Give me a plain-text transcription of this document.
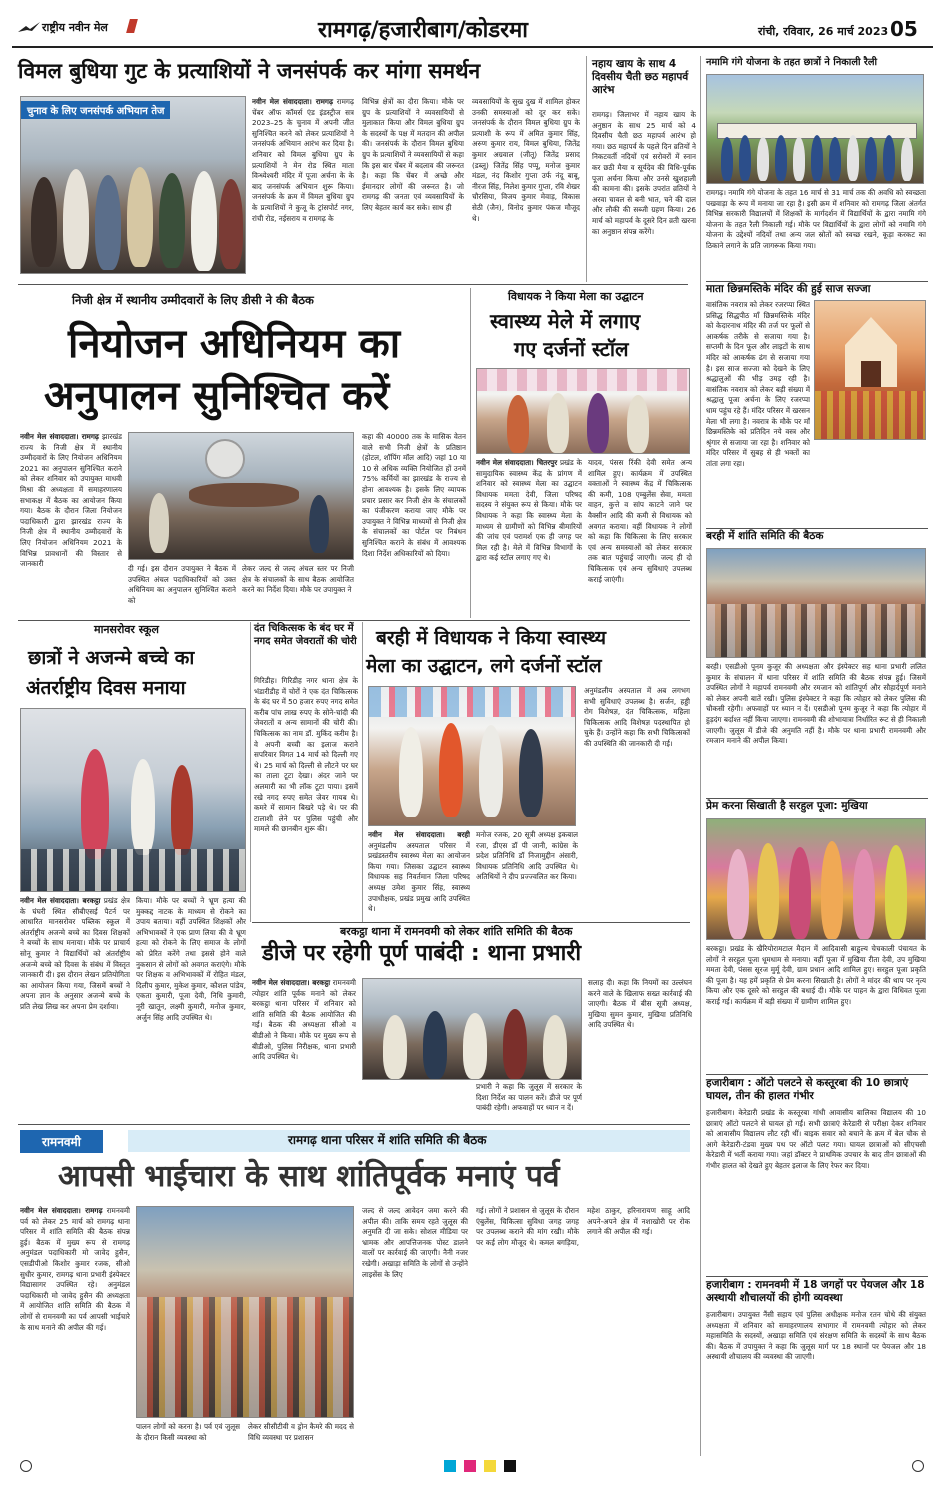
राष्ट्रीय नवीन मेल	रामगढ़/हजारीबाग/कोडरमा	रांची, रविवार, 26 मार्च 2023 05
विमल बुधिया गुट के प्रत्याशियों ने जनसंपर्क कर मांगा समर्थन
चुनाव के लिए जनसंपर्क अभियान तेज
नवीन मेल संवाददाता। रामगढ़ रामगढ़ चेंबर ऑफ कॉमर्स एंड इंडस्ट्रीज सत्र 2023–25 के चुनाव में अपनी जीत सुनिश्चित करने को लेकर प्रत्याशियों ने जनसंपर्क अभियान आरंभ कर दिया है। शनिवार को विमल बुधिया ग्रुप के प्रत्याशियों ने मेन रोड स्थित माता विन्ध्‍येश्वरी मंदिर में पूजा अर्चना के के बाद जनसंपर्क अभियान शुरू किया। जनसंपर्क के क्रम में विमल बुधिया ग्रुप के प्रत्याशियों ने कुजू के ट्रांसपोर्ट नगर, रांची रोड, नईसराय व रामगढ़ के
विभिन्न क्षेत्रों का दौरा किया। मौके पर ग्रुप के प्रत्याशियों ने व्यवसायियों से मुलाकात किया और विमल बुधिया ग्रुप के सदस्यों के पक्ष में मतदान की अपील की। जनसंपर्क के दौरान विमल बुधिया ग्रुप के प्रत्याशियों ने व्यवसायियों से कहा कि इस बार चेंबर में बदलाव की जरूरत है। कहा कि चेंबर में अच्छे और ईमानदार लोगों की जरूरत है। जो रामगढ़ की जनता एवं व्यवसायियों के लिए बेहतर कार्य कर सके। साथ ही
व्यवसायियों के सुख दुख में शामिल होकर उनकी समस्याओं को दूर कर सके। जनसंपर्क के दौरान विमल बुधिया ग्रुप के प्रत्याशी के रूप में अमित कुमार सिंह, अरुण कुमार राय, विमल बुधिया, जितेंद्र कुमार अग्रवाल (जीतू) जितेंद्र प्रसाद (डब्लू) जितेंद्र सिंह पप्पू, मनोज कुमार मंडल, नंद किशोर गुप्ता उर्फ नंदू बाबू, नीरज सिंह, निलेश कुमार गुप्ता, रवि शेखर चौरसिया, विजय कुमार मेवाड़, विकास सेठी (जैन), विनोद कुमार पंकज मौजूद थे।
नहाय खाय के साथ 4 दिवसीय चैती छठ महापर्व आरंभ
रामगढ़। जिलाभर में नहाय खाय के अनुष्ठान के साथ 25 मार्च को 4 दिवसीय चैती छठ महापर्व आरंभ हो गया। छठ महापर्व के पहले दिन व्रतियों ने निकटवर्ती नदियों एवं सरोवरों में स्नान कर छठी मैया व सूर्यदेव की विधि-पूर्वक पूजा अर्चना किया और उनसे खुशहाली की कामना की। इसके उपरांत व्रतियों ने अरवा चावल से बनी भात, चने की दाल और लौकी की सब्जी ग्रहण किया। 26 मार्च को महापर्व के दूसरे दिन व्रती खरना का अनुष्ठान संपन्न करेंगे।
नमामि गंगे योजना के तहत छात्रों ने निकाली रैली
रामगढ़। नमामि गंगे योजना के तहत 16 मार्च से 31 मार्च तक की अवधि को स्वच्छता पखवाड़ा के रूप में मनाया जा रहा है। इसी क्रम में शनिवार को रामगढ़ जिला अंतर्गत विभिन्न सरकारी विद्यालयों में शिक्षकों के मार्गदर्शन में विद्यार्थियों के द्वारा नमामि गंगे योजना के तहत रैली निकाली गई। मौके पर विद्यार्थियों के द्वारा लोगों को नमामि गंगे योजना के उद्देश्यों नदियों तथा अन्य जल स्रोतों को स्वच्छ रखने, कूड़ा करकट का ठिकाने लगाने के प्रति जागरूक किया गया।
माता छिन्नमस्तिके मंदिर की हुई साज सज्जा
वासंतिक नवरात्र को लेकर रजरप्पा स्थित प्रसिद्ध सिद्धपीठ माँ छिन्नमस्तिके मंदिर को केदारनाथ मंदिर की तर्ज पर फूलों से आकर्षक तरीके से सजाया गया है। सप्तमी के दिन फूल और लाइटों के साथ मंदिर को आकर्षक ढंग से सजाया गया है। इस साज सज्जा को देखने के लिए श्रद्धालुओं की भीड़ उमड़ रही है। वासंतिक नवरात्र को लेकर बड़ी संख्या में श्रद्धालु पूजा अर्चना के लिए रजरप्पा धाम पहुंच रहे हैं। मंदिर परिसर में खरसन मेला भी लगा है। नवरात्र के मौके पर माँ छिन्नमस्तिके को प्रतिदिन नये वस्त्र और श्रृंगार से सजाया जा रहा है। शनिवार को मंदिर परिसर में सुबह से ही भक्तों का तांता लगा रहा।
बरही में शांति समिति की बैठक
बरही। एसडीओ पूनम कुजूर की अध्यक्षता और इंस्पेक्टर सह थाना प्रभारी ललित कुमार के संचालन में थाना परिसर में शांति समिति की बैठक संपन्न हुई। जिसमें उपस्थित लोगों ने महापर्व रामनवमी और रमजान को शांतिपूर्ण और सौहार्दपूर्ण मनाने को लेकर अपनी बातें रखी। पुलिस इंस्पेक्टर ने कहा कि त्योहार को लेकर पुलिस की चौकसी रहेगी। अफवाहों पर ध्यान न दें। एसडीओ पूनम कुजूर ने कहा कि त्योहार में हुड़दंग बर्दाश्त नहीं किया जाएगा। रामनवमी की शोभायात्रा निर्धारित रूट से ही निकाली जाएगी। जुलूस में डीजे की अनुमति नहीं है। मौके पर थाना प्रभारी रामनवमी और रमजान मनाने की अपील किया।
प्रेम करना सिखाती है सरहुल पूजा: मुखिया
बरकट्ठा। प्रखंड के खैरियोरामटाल मैदान में आदिवासी बाहुल्य चेचकाली पंचायत के लोगों ने सरहुल पूजा धूमधाम से मनाया। वहीं पूजा में मुखिया रीता देवी, उप मुखिया ममता देवी, पंसस सूरज मुर्मू देवी, ग्राम प्रधान आदि शामिल हुए। सरहुल पूजा प्रकृति की पूजा है। यह हमें प्रकृति से प्रेम करना सिखाती है। लोगों ने मांदर की थाप पर नृत्य किया और एक दूसरे को सरहुल की बधाई दी। मौके पर पाहन के द्वारा विधिवत पूजा कराई गई। कार्यक्रम में बड़ी संख्या में ग्रामीण शामिल हुए।
हजारीबाग : ऑटो पलटने से कस्तूरबा की 10 छात्राएं घायल, तीन की हालत गंभीर
हजारीबाग। केरेडारी प्रखंड के कस्तूरबा गांधी आवासीय बालिका विद्यालय की 10 छात्राएं ऑटो पलटने से घायल हो गईं। सभी छात्राएं केरेडारी से परीक्षा देकर शनिवार को आवासीय विद्यालय लौट रही थीं। बाइक सवार को बचाने के क्रम में बेल चौक से आगे केरेडारी-टंडवा मुख्य पथ पर ऑटो पलट गया। घायल छात्राओं को सीएचसी केरेडारी में भर्ती कराया गया। जहां डॉक्टर ने प्राथमिक उपचार के बाद तीन छात्राओं की गंभीर हालत को देखते हुए बेहतर इलाज के लिए रेफर कर दिया।
हजारीबाग : रामनवमी में 18 जगहों पर पेयजल और 18 अस्थायी शौचालयों की होगी व्यवस्था
हजारीबाग। उपायुक्त नैंसी सहाय एवं पुलिस अधीक्षक मनोज रतन चोथे की संयुक्त अध्यक्षता में शनिवार को समाहरणालय सभागार में रामनवमी त्योहार को लेकर महासमिति के सदस्यों, अखाड़ा समिति एवं संरक्षण समिति के सदस्यों के साथ बैठक की। बैठक में उपायुक्त ने कहा कि जुलूस मार्ग पर 18 स्थानों पर पेयजल और 18 अस्थायी शौचालय की व्यवस्था की जाएगी।
निजी क्षेत्र में स्थानीय उम्मीदवारों के लिए डीसी ने की बैठक
नियोजन अधिनियम का
अनुपालन सुनिश्चित करें
नवीन मेल संवाददाता। रामगढ़ झारखंड राज्य के निजी क्षेत्र में स्थानीय उम्मीदवारों के लिए नियोजन अधिनियम 2021 का अनुपालन सुनिश्चित कराने को लेकर शनिवार को उपायुक्त माधवी मिश्रा की अध्यक्षता में समाहरणालय सभाकक्ष में बैठक का आयोजन किया गया। बैठक के दौरान जिला नियोजन पदाधिकारी द्वारा झारखंड राज्य के निजी क्षेत्र में स्थानीय उम्मीदवारों के लिए नियोजन अधिनियम 2021 के विभिन्न प्रावधानों की विस्तार से जानकारी
दी गई। इस दौरान उपायुक्त ने बैठक में उपस्थित अंचल पदाधिकारियों को उक्त अधिनियम का अनुपालन सुनिश्चित कराने को
लेकर जल्द से जल्द अंचल स्तर पर निजी क्षेत्र के संचालकों के साथ बैठक आयोजित करने का निर्देश दिया। मौके पर उपायुक्त ने
कहा की 40000 तक के मासिक वेतन वाले सभी निजी क्षेत्रों के प्रतिष्ठान (होटल, शॉपिंग मॉल आदि) जहां 10 या 10 से अधिक व्यक्ति नियोजित हों उनमें 75% कर्मियों का झारखंड के राज्य से होना आवश्यक है। इसके लिए व्यापक प्रचार प्रसार कर निजी क्षेत्र के संचालकों का पंजीकरण कराया जाए मौके पर उपायुक्त ने विभिन्न माध्यमों से निजी क्षेत्र के संचालकों का पोर्टल पर निबंधन सुनिश्चित कराने के संबंध में आवश्यक दिशा निर्देश अधिकारियों को दिया।
विधायक ने किया मेला का उद्घाटन
स्वास्थ्य मेले में लगाए
गए दर्जनों स्टॉल
नवीन मेल संवाददाता। चितरपुर प्रखंड के सामुदायिक स्वास्थ्य केंद्र के प्रांगण में शनिवार को स्वास्थ्य मेला का उद्घाटन विधायक ममता देवी, जिला परिषद सदस्य ने संयुक्त रूप से किया। मौके पर विधायक ने कहा कि स्वास्थ्य मेला के माध्यम से ग्रामीणों को विभिन्न बीमारियों की जांच एवं परामर्श एक ही जगह पर मिल रही है। मेले में विभिन्न विभागों के द्वारा कई स्टॉल लगाए गए थे।
यादव, पंसस रिंकी देवी समेत अन्य शामिल हुए। कार्यक्रम में उपस्थित वक्ताओं ने स्वास्थ्य केंद्र में चिकित्सक की कमी, 108 एम्बुलेंस सेवा, ममता वाहन, कुत्ते व सांप काटने जाने पर वैक्सीन आदि की कमी से विधायक को अवगत कराया। वहीं विधायक ने लोगों को कहा कि चिकित्सा के लिए सरकार एवं अन्य समस्याओं को लेकर सरकार तक बात पहुंचाई जाएगी। जल्द ही दो चिकित्सक एवं अन्य सुविधाएं उपलब्ध कराई जाएंगी।
मानसरोवर स्कूल
छात्रों ने अजन्मे बच्चे का
अंतर्राष्ट्रीय दिवस मनाया
नवीन मेल संवाददाता। बरकट्ठा प्रखंड क्षेत्र के घंघरी स्थित सीबीएसई पैटर्न पर आधारित मानसरोवर पब्लिक स्कूल में अंतर्राष्ट्रीय अजन्मे बच्चे का दिवस शिक्षकों ने बच्चों के साथ मनाया। मौके पर प्राचार्य सोनू कुमार ने विद्यार्थियों को अंतर्राष्ट्रीय अजन्मे बच्चे को दिवस के संबंध में विस्तृत जानकारी दी। इस दौरान लेखन प्रतियोगिता का आयोजन किया गया, जिसमें बच्चों ने अपना ज्ञान के अनुसार अजन्मे बच्चे के प्रति लेख लिख कर अपना प्रेम दर्शाया।
किया। मौके पर बच्चों ने भ्रूण हत्या की मुक्कद्द नाटक के माध्यम से रोकने का उपाय बताया। वहीं उपस्थित शिक्षकों और अभिभावकों ने एक प्राण लिया की वे भ्रूण हत्या को रोकने के लिए समाज के लोगों को प्रेरित करेंगे तथा इससे होने वाले नुकसान से लोगों को अवगत कराएंगे। मौके पर शिक्षक व अभिभावकों में रोहित मंडल, दिलीप कुमार, मुकेश कुमार, कौशल पांडेय, एकता कुमारी, पूजा देवी, निधि कुमारी, नूरी खातून, लक्ष्मी कुमारी, मनोज कुमार, अर्जुन सिंह आदि उपस्थित थे।
दंत चिकित्सक के बंद घर में नगद समेत जेवरातों की चोरी
गिरिडीह। गिरिडीह नगर थाना क्षेत्र के भंडारीडीह में चोरों ने एक दंत चिकित्सक के बंद घर में 50 हजार रुपए नगद समेत करीब पांच लाख रुपए के सोने-चांदी की जेवरातों व अन्य सामानों की चोरी की। चिकित्सक का नाम डॉ. मुकिंद करीम है। वे अपनी बच्ची का इलाज कराने सपरिवार विगत 14 मार्च को दिल्ली गए थे। 25 मार्च को दिल्ली से लौटने पर घर का ताला टूटा देखा। अंदर जाने पर अलमारी का भी लॉक टूटा पाया। इसमें रखे नगद रुपए समेत जेवर गायब थे। कमरे में सामान बिखरे पड़े थे। पर की टालाशी लेने पर पुलिस पहुंची और मामले की छानबीन शुरू की।
बरही में विधायक ने किया स्वास्थ्य
मेला का उद्घाटन, लगे दर्जनों स्टॉल
नवीन मेल संवाददाता। बरही अनुमंडलीय अस्पताल परिसर में प्रखंडस्तरीय स्वास्थ्य मेला का आयोजन किया गया। जिसका उद्घाटन स्वास्थ्य विधायक सह निवर्तमान जिला परिषद अध्यक्ष उमेश कुमार सिंह, स्वास्थ्य उपाधीक्षक, प्रखंड प्रमुख आदि उपस्थित थे।
मनोज रजक, 20 सूत्री अध्यक्ष इकबाल रजा, डीएस डॉ पी जानी, कांग्रेस के प्रदेश प्रतिनिधि डॉ निजामुद्दीन अंसारी, विधायक प्रतिनिधि आदि उपस्थित थे। अतिथियों ने दीप प्रज्ज्वलित कर किया।
अनुमंडलीय अस्पताल में अब लगभग सभी सुविधाएं उपलब्ध है। सर्जन, हड्डी रोग विशेषज्ञ, दंत चिकित्सक, महिला चिकित्सक आदि विशेषज्ञ पदस्थापित हो चुके हैं। उन्होंने कहा कि सभी चिकित्सकों की उपस्थिति की जानकारी दी गई।
बरकट्ठा थाना में रामनवमी को लेकर शांति समिति की बैठक
डीजे पर रहेगी पूर्ण पाबंदी : थाना प्रभारी
नवीन मेल संवाददाता। बरकट्ठा रामनवमी त्योहार शांति पूर्वक मनाने को लेकर बरकट्ठा थाना परिसर में शनिवार को शांति समिति की बैठक आयोजित की गई। बैठक की अध्यक्षता सीओ व बीडीओ ने किया। मौके पर मुख्य रूप से बीडीओ, पुलिस निरीक्षक, थाना प्रभारी आदि उपस्थित थे।
प्रभारी ने कहा कि जुलूस में सरकार के दिशा निर्देश का पालन करें। डीजे पर पूर्ण पाबंदी रहेगी। अफवाहों पर ध्यान न दें।
सलाह दी। कहा कि नियमों का उल्लंघन करने वाले के खिलाफ सख्त कार्रवाई की जाएगी। बैठक में बीस सूत्री अध्यक्ष, मुखिया सुमन कुमार, मुखिया प्रतिनिधि आदि उपस्थित थे।
रामनवमी	रामगढ़ थाना परिसर में शांति समिति की बैठक
आपसी भाईचारा के साथ शांतिपूर्वक मनाएं पर्व
नवीन मेल संवाददाता। रामगढ़ रामनवमी पर्व को लेकर 25 मार्च को रामगढ़ थाना परिसर में शांति समिति की बैठक संपन्न हुई। बैठक में मुख्य रूप से रामगढ़ अनुमंडल पदाधिकारी मो जावेद हुसैन, एसडीपीओ किशोर कुमार रजक, सीओ सुधीर कुमार, रामगढ़ थाना प्रभारी इंस्पेक्टर विद्यासागर उपस्थित रहे। अनुमंडल पदाधिकारी मो जावेद हुसैन की अध्यक्षता में आयोजित शांति समिति की बैठक में लोगों से रामनवमी का पर्व आपसी भाईचारे के साथ मनाने की अपील की गई।
पालन लोगों को करना है। पर्व एवं जुलूस के दौरान किसी व्यवस्था को
लेकर सीसीटीवी व ड्रोन कैमरे की मदद से विधि व्यवस्था पर प्रशासन
जल्द से जल्द आवेदन जमा करने की अपील की। ताकि समय रहते जुलूस की अनुमति दी जा सके। सोशल मीडिया पर भ्रामक और आपत्तिजनक पोस्ट डालने वालों पर कार्रवाई की जाएगी। नैनी नजर रखेगी। अखाड़ा समिति के लोगों से उन्होंने लाइसेंस के लिए
गई। लोगों ने प्रशासन से जुलूस के दौरान एंबुलेंस, चिकित्सा सुविधा जगह जगह पर उपलब्ध कराने की मांग रखी। मौके पर कई लोग मौजूद थे। कमल बगड़िया, महेश ठाकुर, हरिनारायण साहू आदि अपने-अपने क्षेत्र में नशाखोरी पर रोक लगाने की अपील की गई।
